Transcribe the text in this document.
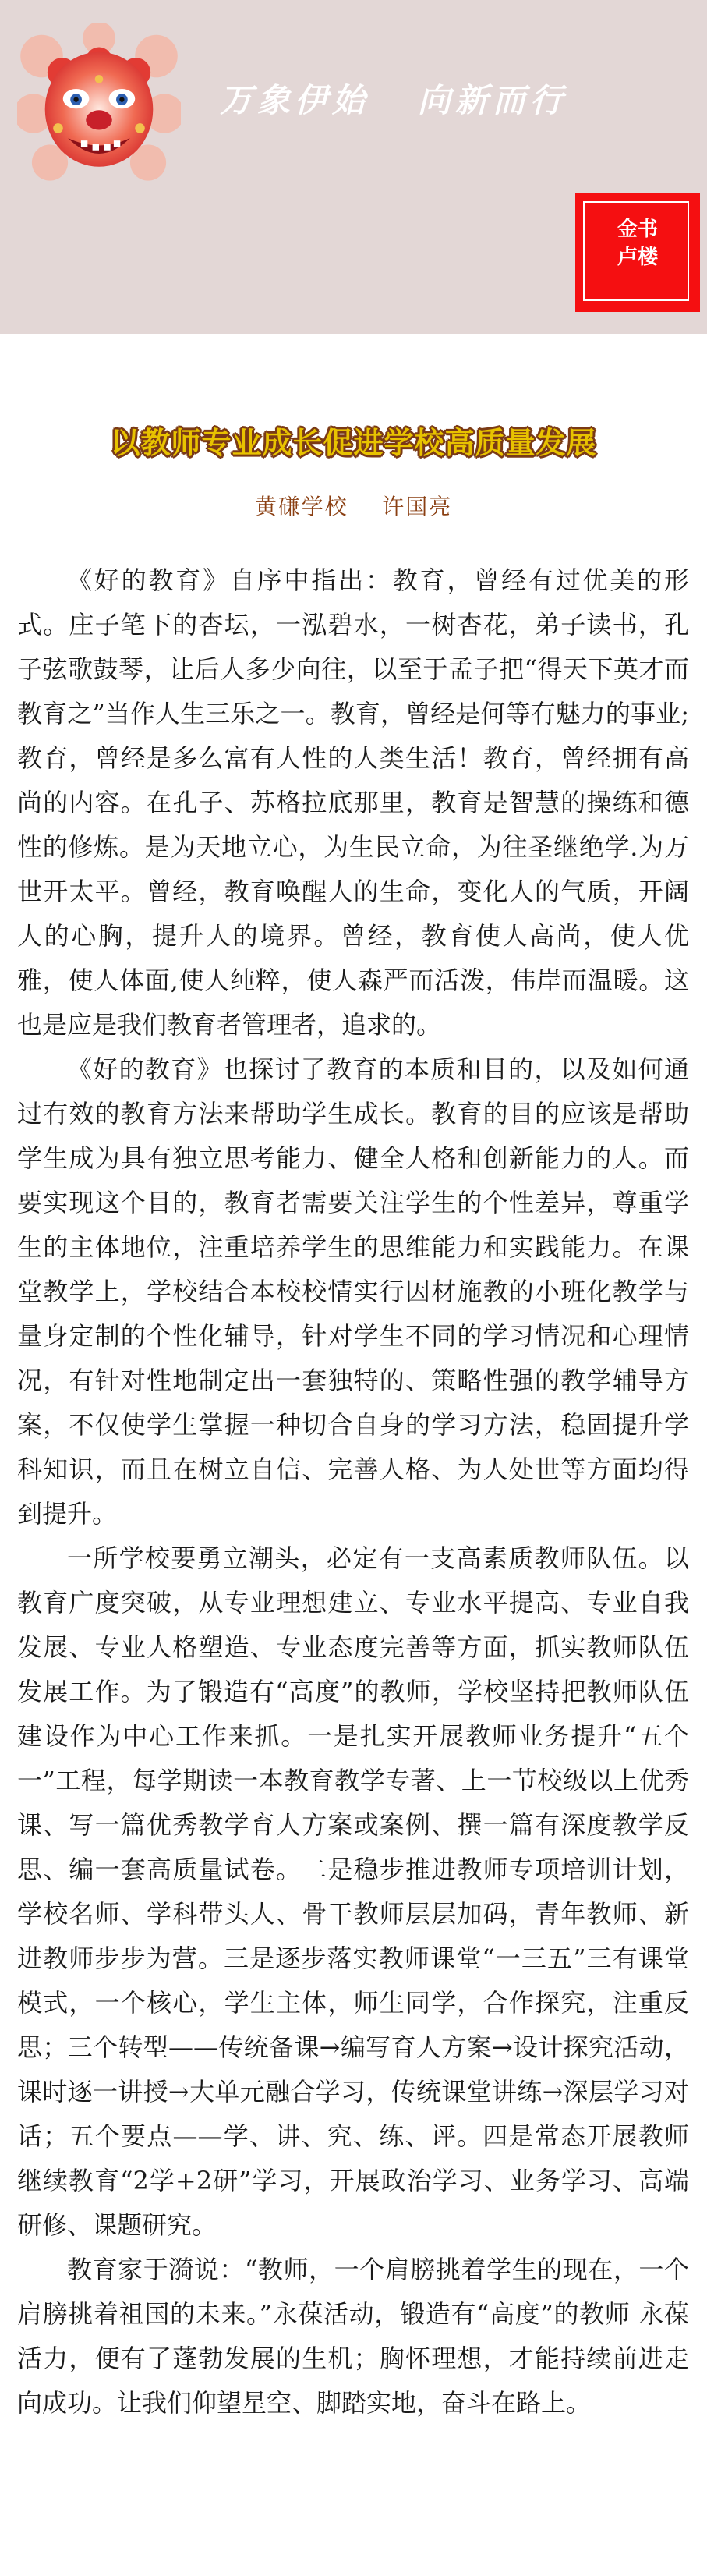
万象伊始   向新而行
金书
卢楼
以教师专业成长促进学校高质量发展
黄磏学校    许国亮

《好的教育》自序中指出：教育，曾经有过优美的形式。庄子笔下的杏坛，一泓碧水，一树杏花，弟子读书，孔子弦歌鼓琴，让后人多少向往，以至于孟子把“得天下英才而教育之”当作人生三乐之一。教育，曾经是何等有魅力的事业;教育，曾经是多么富有人性的人类生活！教育，曾经拥有高尚的内容。在孔子、苏格拉底那里，教育是智慧的操练和德性的修炼。是为天地立心，为生民立命，为往圣继绝学.为万世开太平。曾经，教育唤醒人的生命，变化人的气质，开阔人的心胸，提升人的境界。曾经，教育使人高尚，使人优雅，使人体面,使人纯粹，使人森严而活泼，伟岸而温暖。这也是应是我们教育者管理者，追求的。

《好的教育》也探讨了教育的本质和目的，以及如何通过有效的教育方法来帮助学生成长。教育的目的应该是帮助学生成为具有独立思考能力、健全人格和创新能力的人。而要实现这个目的，教育者需要关注学生的个性差异，尊重学生的主体地位，注重培养学生的思维能力和实践能力。在课堂教学上，学校结合本校校情实行因材施教的小班化教学与量身定制的个性化辅导，针对学生不同的学习情况和心理情况，有针对性地制定出一套独特的、策略性强的教学辅导方案，不仅使学生掌握一种切合自身的学习方法，稳固提升学科知识，而且在树立自信、完善人格、为人处世等方面均得到提升。

一所学校要勇立潮头，必定有一支高素质教师队伍。以教育广度突破，从专业理想建立、专业水平提高、专业自我发展、专业人格塑造、专业态度完善等方面，抓实教师队伍发展工作。为了锻造有“高度”的教师，学校坚持把教师队伍建设作为中心工作来抓。一是扎实开展教师业务提升“五个一”工程，每学期读一本教育教学专著、上一节校级以上优秀课、写一篇优秀教学育人方案或案例、撰一篇有深度教学反思、编一套高质量试卷。二是稳步推进教师专项培训计划，学校名师、学科带头人、骨干教师层层加码，青年教师、新进教师步步为营。三是逐步落实教师课堂“一三五”三有课堂模式，一个核心，学生主体，师生同学，合作探究，注重反思；三个转型——传统备课→编写育人方案→设计探究活动，课时逐一讲授→大单元融合学习，传统课堂讲练→深层学习对话；五个要点——学、讲、究、练、评。四是常态开展教师继续教育“2学+2研”学习，开展政治学习、业务学习、高端研修、课题研究。

教育家于漪说：“教师，一个肩膀挑着学生的现在，一个肩膀挑着祖国的未来。”永葆活动，锻造有“高度”的教师 永葆活力，便有了蓬勃发展的生机；胸怀理想，才能持续前进走向成功。让我们仰望星空、脚踏实地，奋斗在路上。
